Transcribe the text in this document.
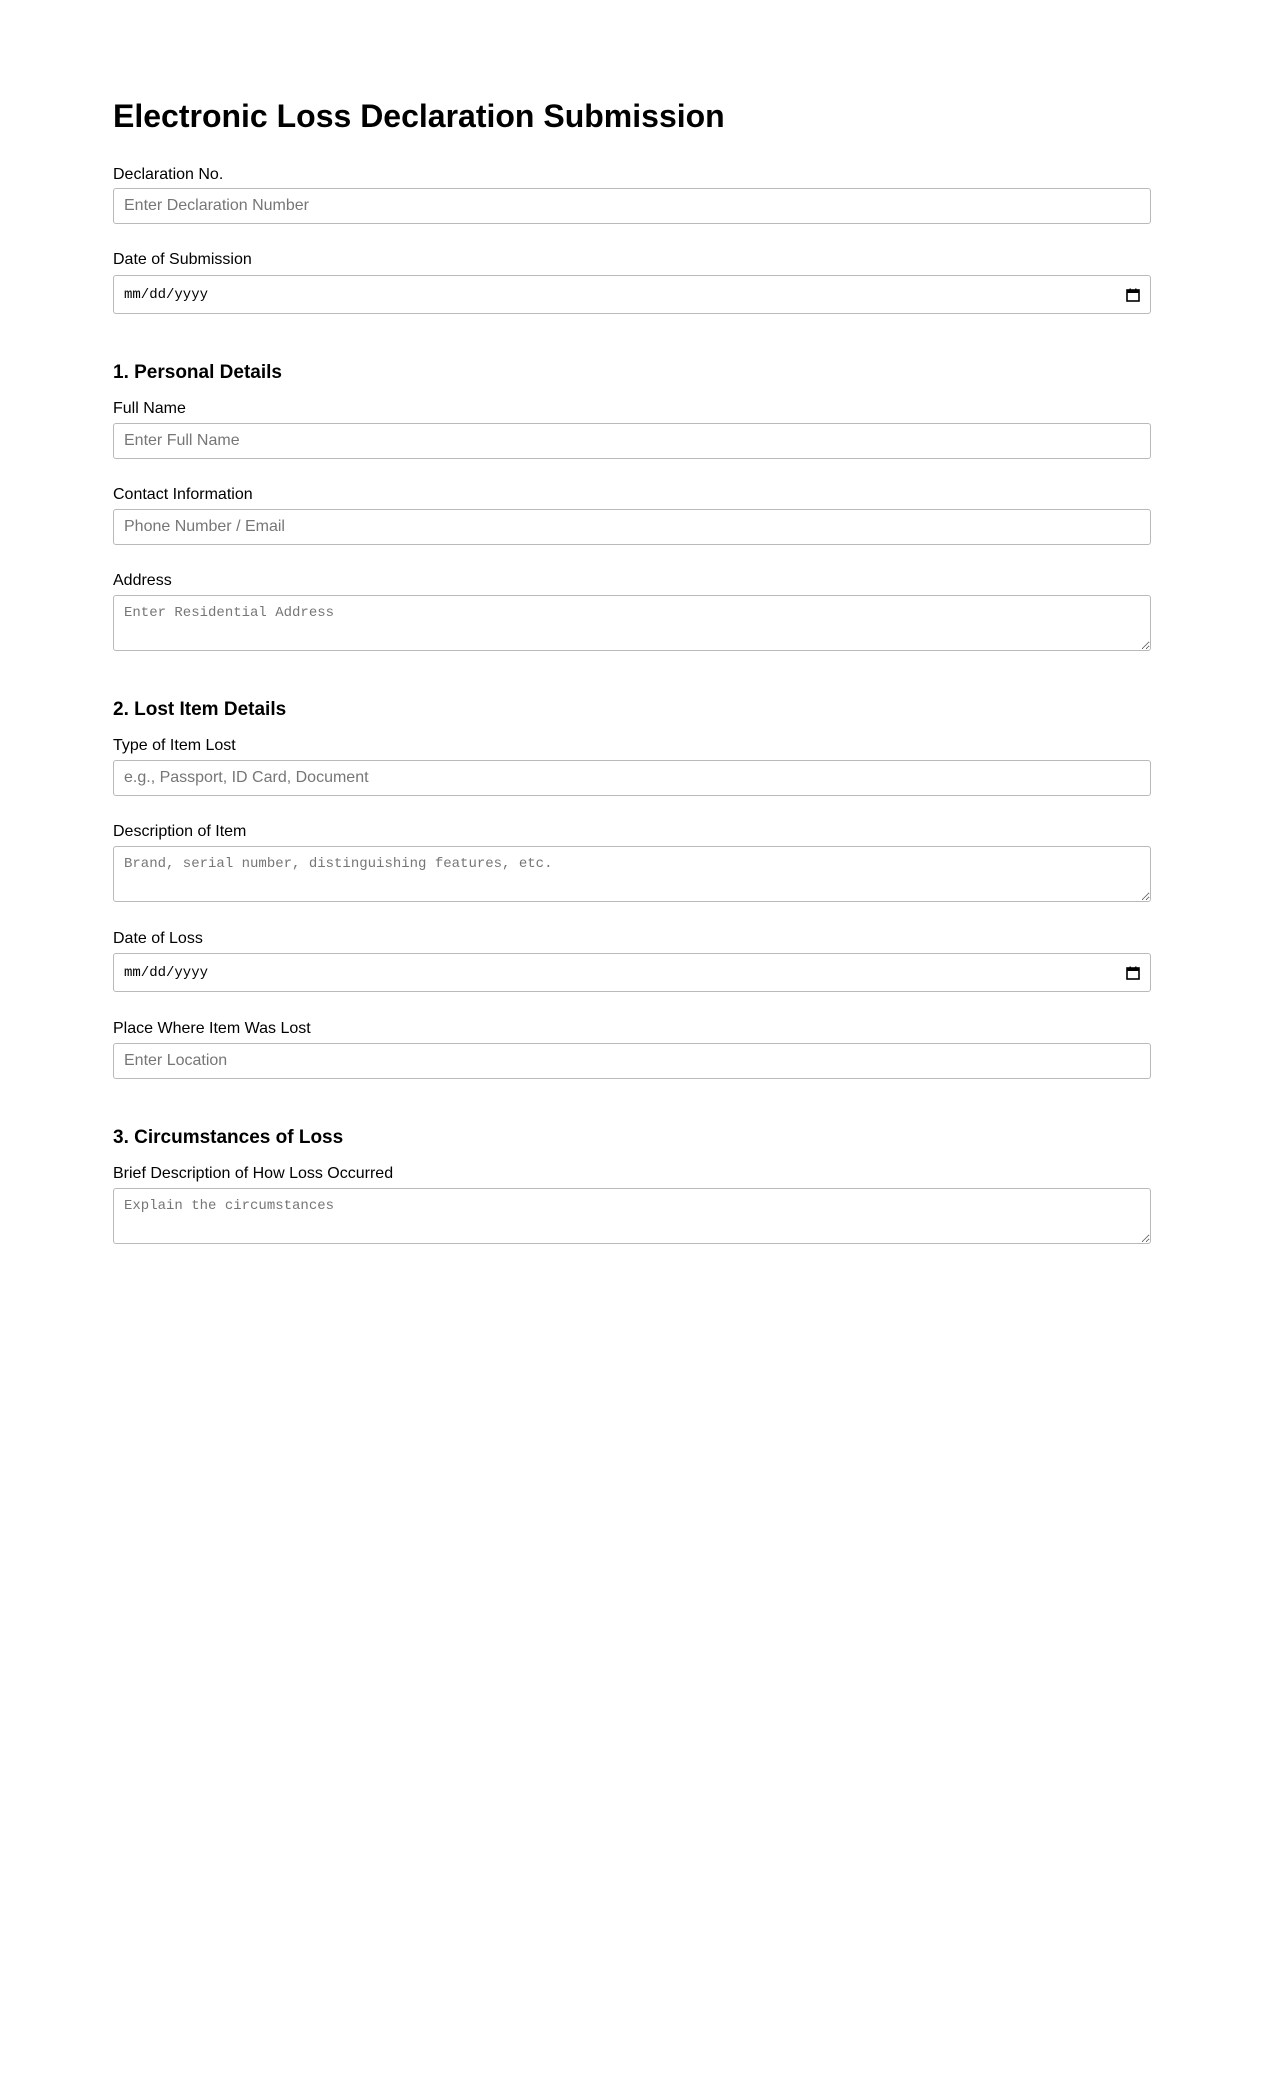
Electronic Loss Declaration Submission
Declaration No.
Enter Declaration Number
Date of Submission
mm/dd/yyyy
1. Personal Details
Full Name
Enter Full Name
Contact Information
Phone Number / Email
Address
Enter Residential Address
2. Lost Item Details
Type of Item Lost
e.g., Passport, ID Card, Document
Description of Item
Brand, serial number, distinguishing features, etc.
Date of Loss
mm/dd/yyyy
Place Where Item Was Lost
Enter Location
3. Circumstances of Loss
Brief Description of How Loss Occurred
Explain the circumstances
